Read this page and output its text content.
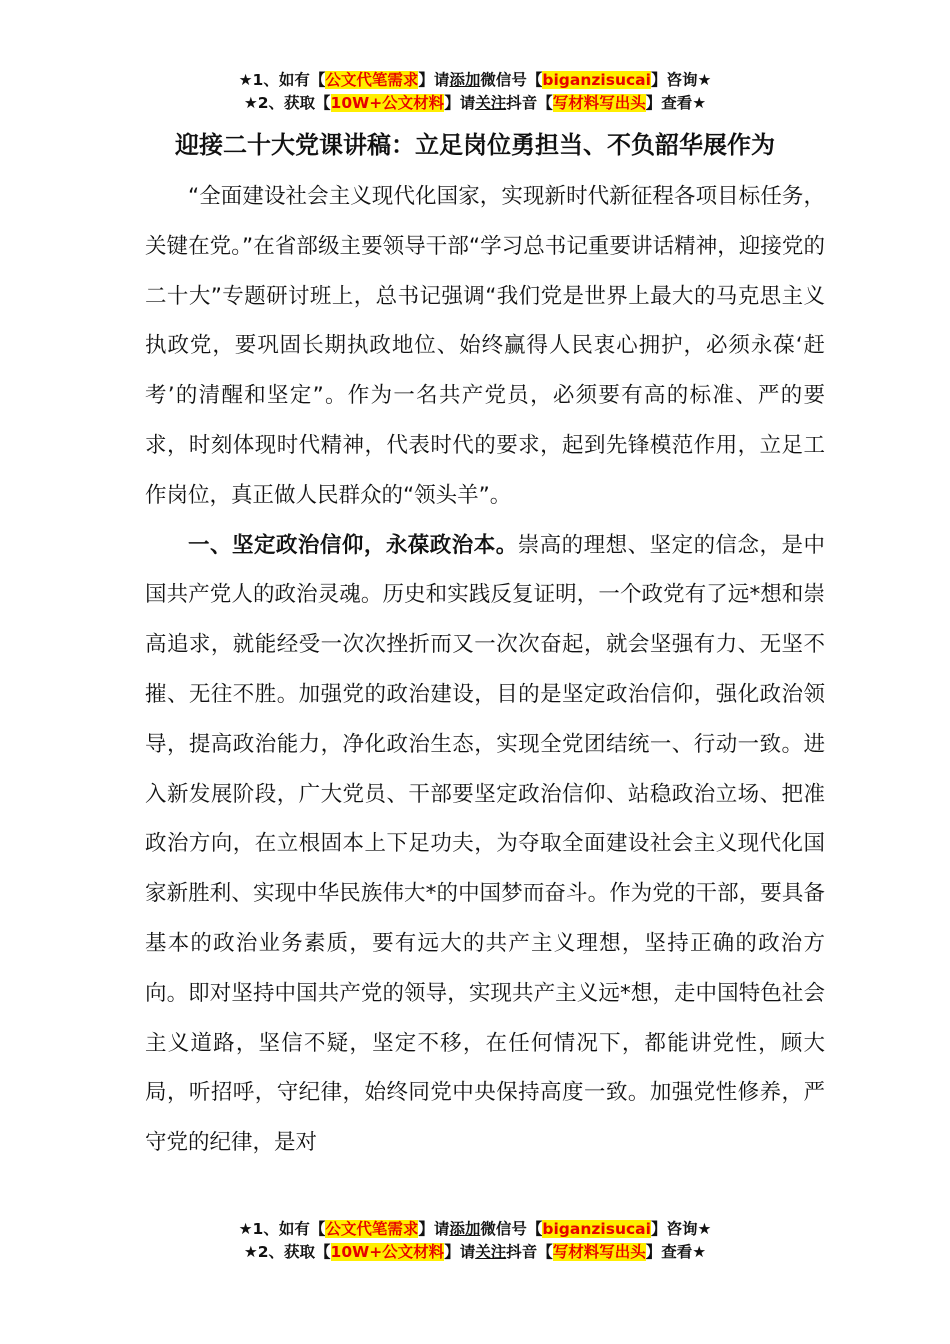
★1、如有【公文代笔需求】请添加微信号【biganzisucai】咨询★
★2、获取【10W+公文材料】请关注抖音【写材料写出头】查看★
迎接二十大党课讲稿：立足岗位勇担当、不负韶华展作为

“全面建设社会主义现代化国家，实现新时代新征程各项目标任务，关键在党。”在省部级主要领导干部“学习总书记重要讲话精神，迎接党的二十大”专题研讨班上，总书记强调“我们党是世界上最大的马克思主义执政党，要巩固长期执政地位、始终赢得人民衷心拥护，必须永葆‘赶考’的清醒和坚定”。作为一名共产党员，必须要有高的标准、严的要求，时刻体现时代精神，代表时代的要求，起到先锋模范作用，立足工作岗位，真正做人民群众的“领头羊”。

一、坚定政治信仰，永葆政治本。崇高的理想、坚定的信念，是中国共产党人的政治灵魂。历史和实践反复证明，一个政党有了远*想和崇高追求，就能经受一次次挫折而又一次次奋起，就会坚强有力、无坚不摧、无往不胜。加强党的政治建设，目的是坚定政治信仰，强化政治领导，提高政治能力，净化政治生态，实现全党团结统一、行动一致。进入新发展阶段，广大党员、干部要坚定政治信仰、站稳政治立场、把准政治方向，在立根固本上下足功夫，为夺取全面建设社会主义现代化国家新胜利、实现中华民族伟大*的中国梦而奋斗。作为党的干部，要具备基本的政治业务素质，要有远大的共产主义理想，坚持正确的政治方向。即对坚持中国共产党的领导，实现共产主义远*想，走中国特色社会主义道路，坚信不疑，坚定不移，在任何情况下，都能讲党性，顾大局，听招呼，守纪律，始终同党中央保持高度一致。加强党性修养，严守党的纪律，是对

★1、如有【公文代笔需求】请添加微信号【biganzisucai】咨询★
★2、获取【10W+公文材料】请关注抖音【写材料写出头】查看★
